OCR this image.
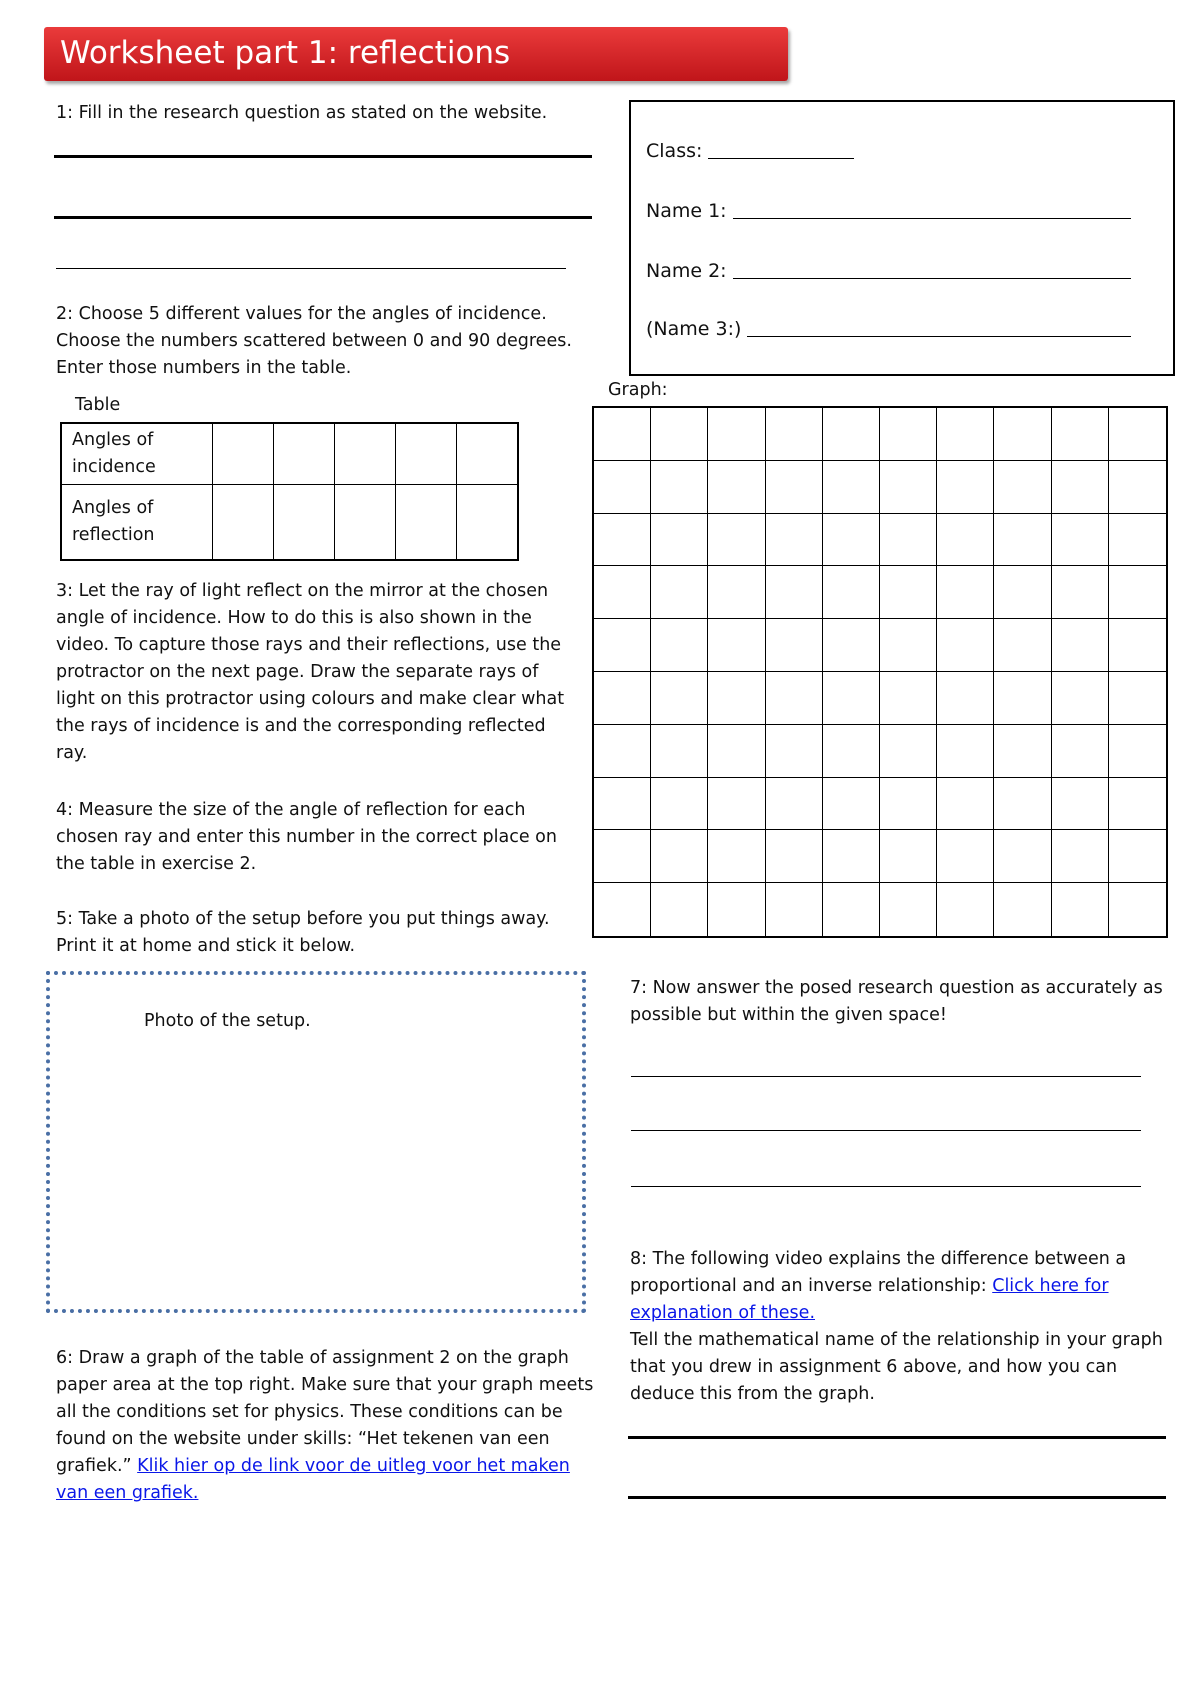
Worksheet part 1: reflections
1: Fill in the research question as stated on the website.
Class:
Name 1:
Name 2:
(Name 3:)
2: Choose 5 different values for the angles of incidence. Choose the numbers scattered between 0 and 90 degrees. Enter those numbers in the table.
Table
Angles of incidence					
Angles of reflection					
Graph:
3: Let the ray of light reflect on the mirror at the chosen angle of incidence. How to do this is also shown in the video. To capture those rays and their reflections, use the protractor on the next page. Draw the separate rays of light on this protractor using colours and make clear what the rays of incidence is and the corresponding reflected ray.
4: Measure the size of the angle of reflection for each chosen ray and enter this number in the correct place on the table in exercise 2.
5: Take a photo of the setup before you put things away. Print it at home and stick it below.
Photo of the setup.
6: Draw a graph of the table of assignment 2 on the graph paper area at the top right. Make sure that your graph meets all the conditions set for physics. These conditions can be found on the website under skills: “Het tekenen van een grafiek.” Klik hier op de link voor de uitleg voor het maken van een grafiek.
7: Now answer the posed research question as accurately as possible but within the given space!
8: The following video explains the difference between a proportional and an inverse relationship: Click here for explanation of these.
Tell the mathematical name of the relationship in your graph that you drew in assignment 6 above, and how you can deduce this from the graph.
